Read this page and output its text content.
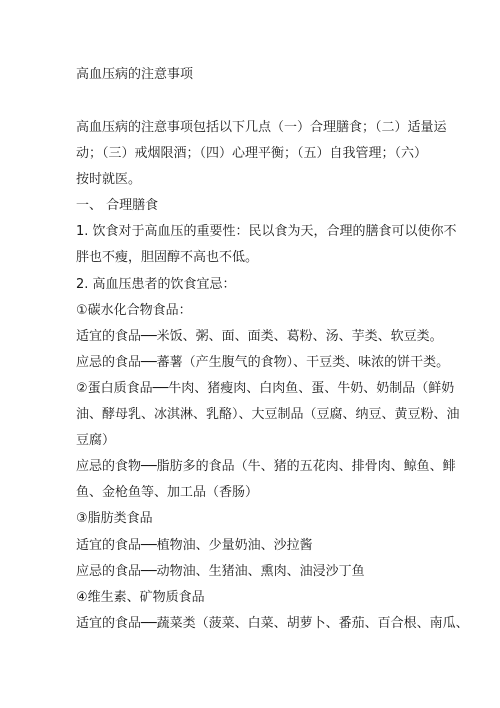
高血压病的注意事项
高血压病的注意事项包括以下几点（一）合理膳食；（二）适量运
动；（三）戒烟限酒；（四）心理平衡；（五）自我管理；（六）
按时就医。
一、 合理膳食
1. 饮食对于高血压的重要性：民以食为天，合理的膳食可以使你不
胖也不瘦，胆固醇不高也不低。
2. 高血压患者的饮食宜忌：
①碳水化合物食品：
适宜的食品──米饭、粥、面、面类、葛粉、汤、芋类、软豆类。
应忌的食品──蕃薯（产生腹气的食物）、干豆类、味浓的饼干类。
②蛋白质食品──牛肉、猪瘦肉、白肉鱼、蛋、牛奶、奶制品（鲜奶
油、酵母乳、冰淇淋、乳酪）、大豆制品（豆腐、纳豆、黄豆粉、油
豆腐）
应忌的食物──脂肪多的食品（牛、猪的五花肉、排骨肉、鲸鱼、鲱
鱼、金枪鱼等、加工品（香肠）
③脂肪类食品
适宜的食品──植物油、少量奶油、沙拉酱
应忌的食品──动物油、生猪油、熏肉、油浸沙丁鱼
④维生素、矿物质食品
适宜的食品──蔬菜类（菠菜、白菜、胡萝卜、番茄、百合根、南瓜、
